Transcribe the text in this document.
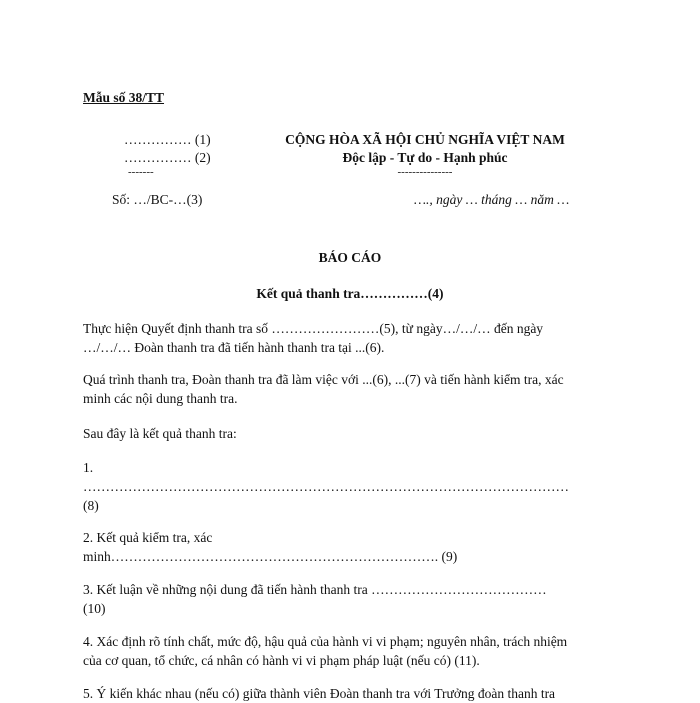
Mẫu số 38/TT
…………… (1)
…………… (2)
-------
Số: …/BC-…(3)
CỘNG HÒA XÃ HỘI CHỦ NGHĨA VIỆT NAM
Độc lập - Tự do - Hạnh phúc
---------------
…., ngày … tháng … năm …
BÁO CÁO
Kết quả thanh tra……………(4)
Thực hiện Quyết định thanh tra số ……………………(5), từ ngày…/…/… đến ngày
…/…/… Đoàn thanh tra đã tiến hành thanh tra tại ...(6).
Quá trình thanh tra, Đoàn thanh tra đã làm việc với ...(6), ...(7) và tiến hành kiểm tra, xác
minh các nội dung thanh tra.
Sau đây là kết quả thanh tra:
1.
………………………………………………………………………………………………
(8)
2. Kết quả kiểm tra, xác
minh………………………………………………………………. (9)
3. Kết luận về những nội dung đã tiến hành thanh tra …………………………………
(10)
4. Xác định rõ tính chất, mức độ, hậu quả của hành vi vi phạm; nguyên nhân, trách nhiệm
của cơ quan, tổ chức, cá nhân có hành vi vi phạm pháp luật (nếu có) (11).
5. Ý kiến khác nhau (nếu có) giữa thành viên Đoàn thanh tra với Trưởng đoàn thanh tra
